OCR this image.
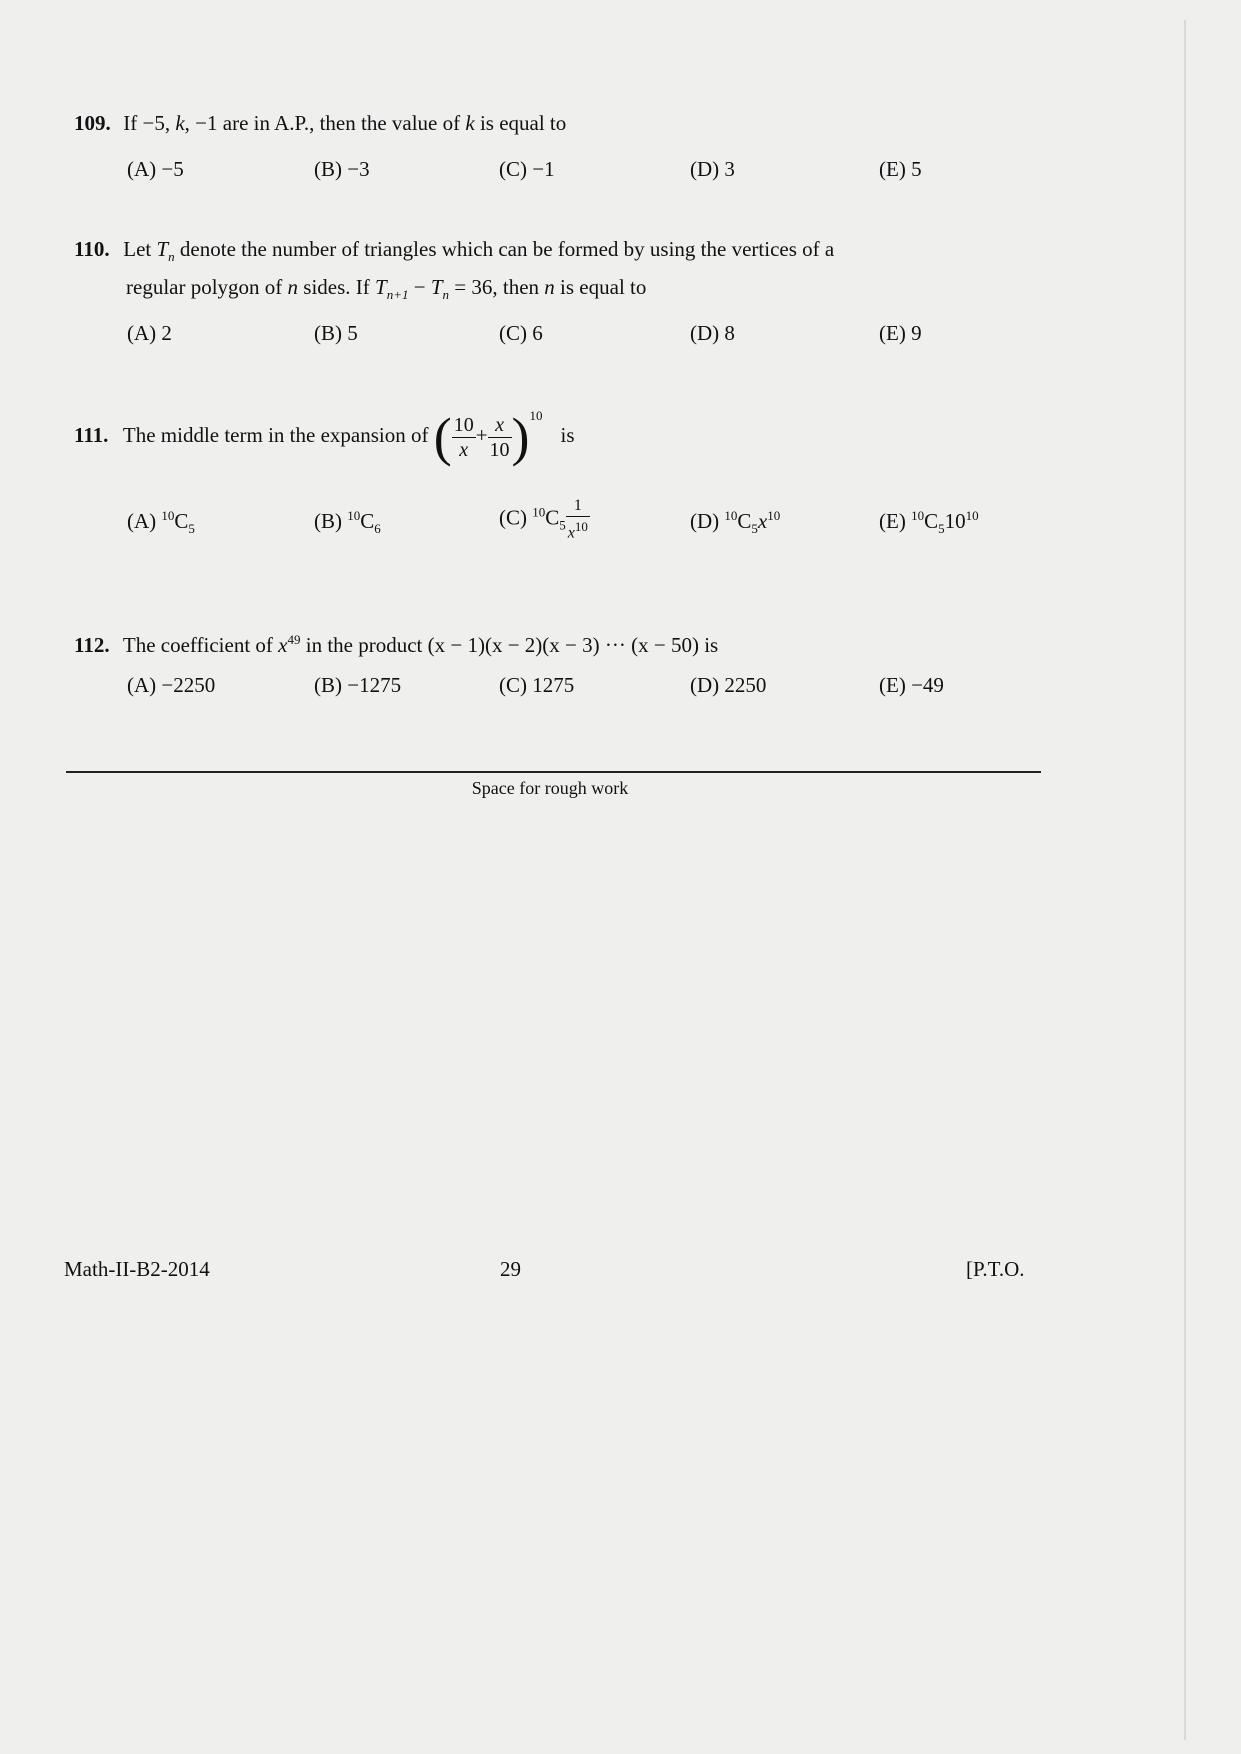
109. If −5, k, −1 are in A.P., then the value of k is equal to
(A) −5	(B) −3	(C) −1	(D) 3	(E) 5
110. Let $T_n$ denote the number of triangles which can be formed by using the vertices of a
regular polygon of n sides. If $T_{n+1} - T_n = 36$, then n is equal to
(A) 2	(B) 5	(C) 6	(D) 8	(E) 9
111. The middle term in the expansion of ( $\frac{10}{x} + \frac{x}{10} )^{10}is$
(A) $^{10}C_5$	(B) $^{10}C_6$	(C) $^{10}C_5 \frac{1}{x^{10}}$	(D) $^{10}C_5x^{10}$	(E) $^{10}C_510^{10}$
112. The coefficient of $x^{49}$ in the product (x − 1)(x − 2)(x − 3) ··· (x − 50) is
(A) −2250	(B) −1275	(C) 1275	(D) 2250	(E) −49
Space for rough work
Math-II-B2-2014	29	[P.T.O.
